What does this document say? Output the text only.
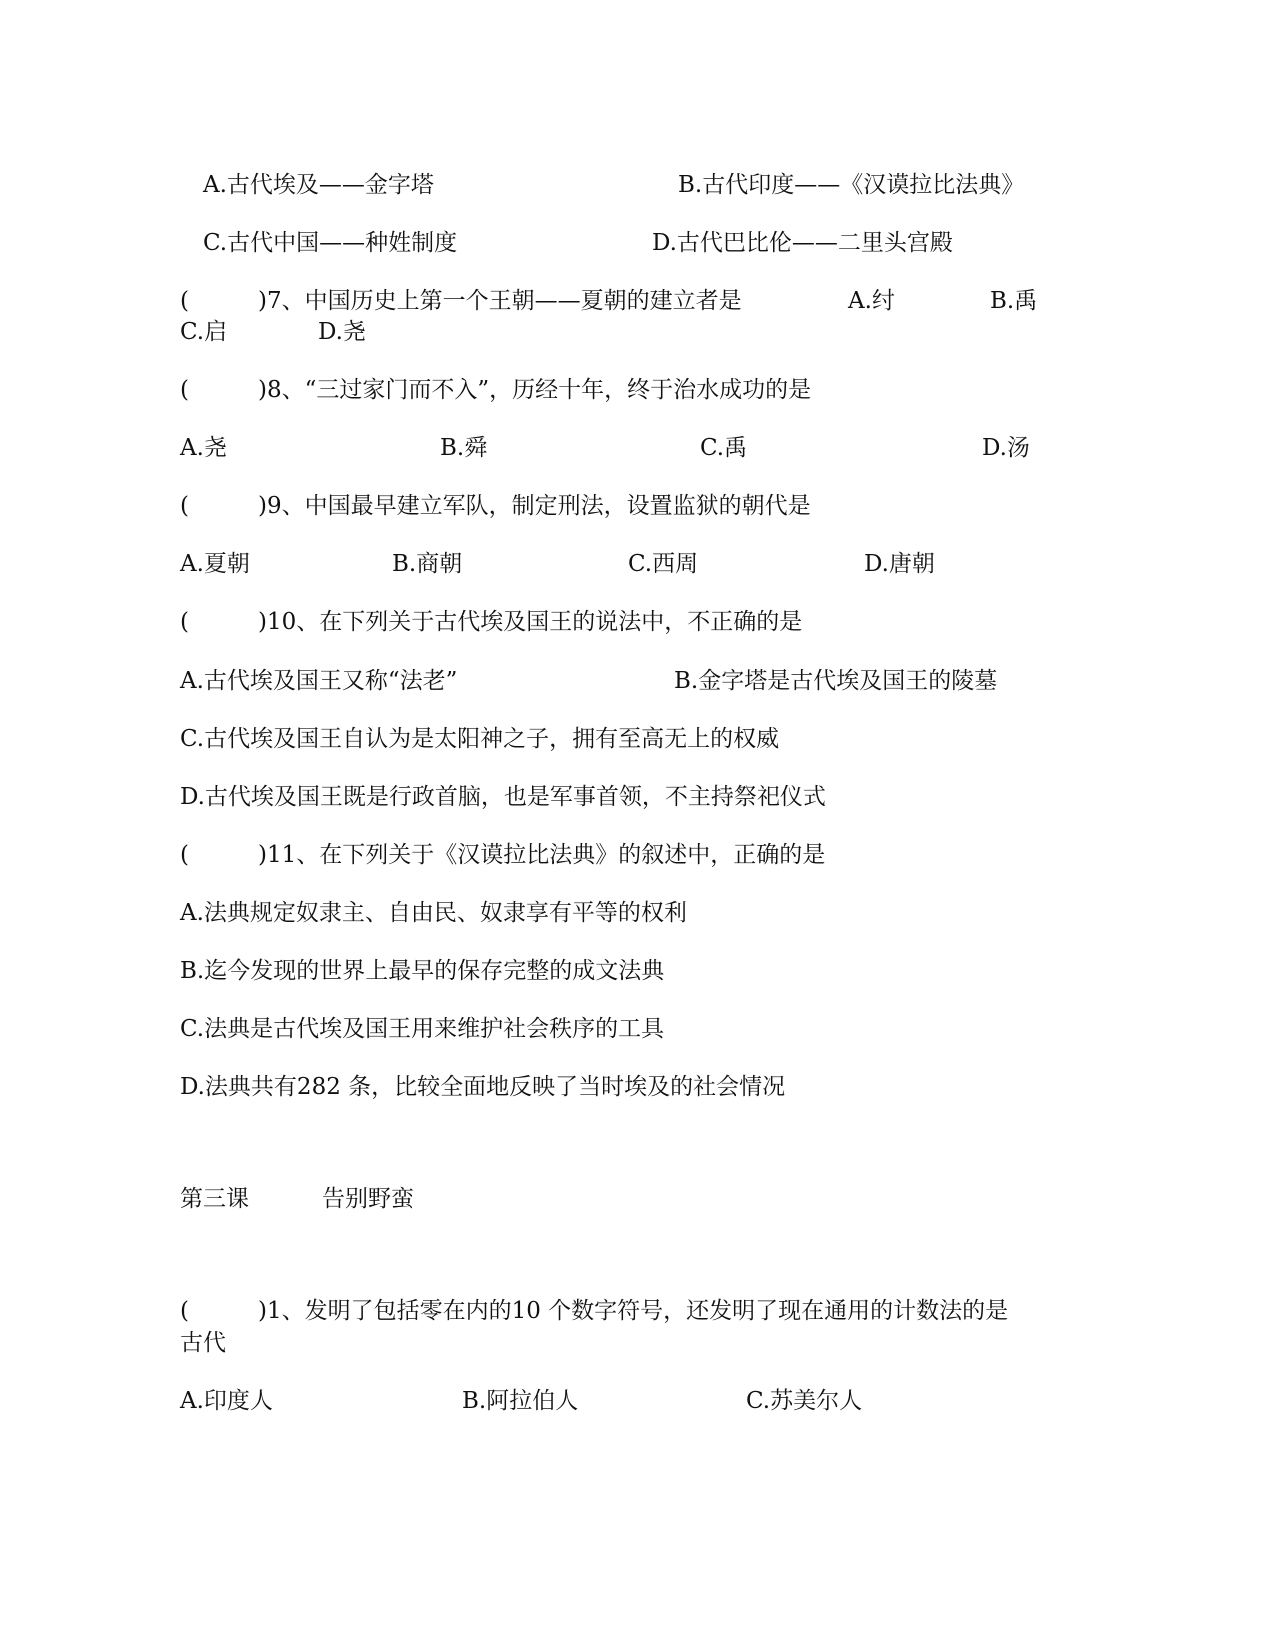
A.古代埃及——金字塔	B.古代印度——《汉谟拉比法典》
C.古代中国——种姓制度	D.古代巴比伦——二里头宫殿
(	)7、中国历史上第一个王朝——夏朝的建立者是	A.纣	B.禹
C.启	D.尧
(	)8、“三过家门而不入”，历经十年，终于治水成功的是
A.尧	B.舜	C.禹	D.汤
(	)9、中国最早建立军队，制定刑法，设置监狱的朝代是
A.夏朝	B.商朝	C.西周	D.唐朝
(	)10、在下列关于古代埃及国王的说法中，不正确的是
A.古代埃及国王又称“法老”	B.金字塔是古代埃及国王的陵墓
C.古代埃及国王自认为是太阳神之子，拥有至高无上的权威
D.古代埃及国王既是行政首脑，也是军事首领，不主持祭祀仪式
(	)11、在下列关于《汉谟拉比法典》的叙述中，正确的是
A.法典规定奴隶主、自由民、奴隶享有平等的权利
B.迄今发现的世界上最早的保存完整的成文法典
C.法典是古代埃及国王用来维护社会秩序的工具
D.法典共有282 条，比较全面地反映了当时埃及的社会情况
第三课	告别野蛮
(	)1、发明了包括零在内的10 个数字符号，还发明了现在通用的计数法的是
古代
A.印度人	B.阿拉伯人	C.苏美尔人
